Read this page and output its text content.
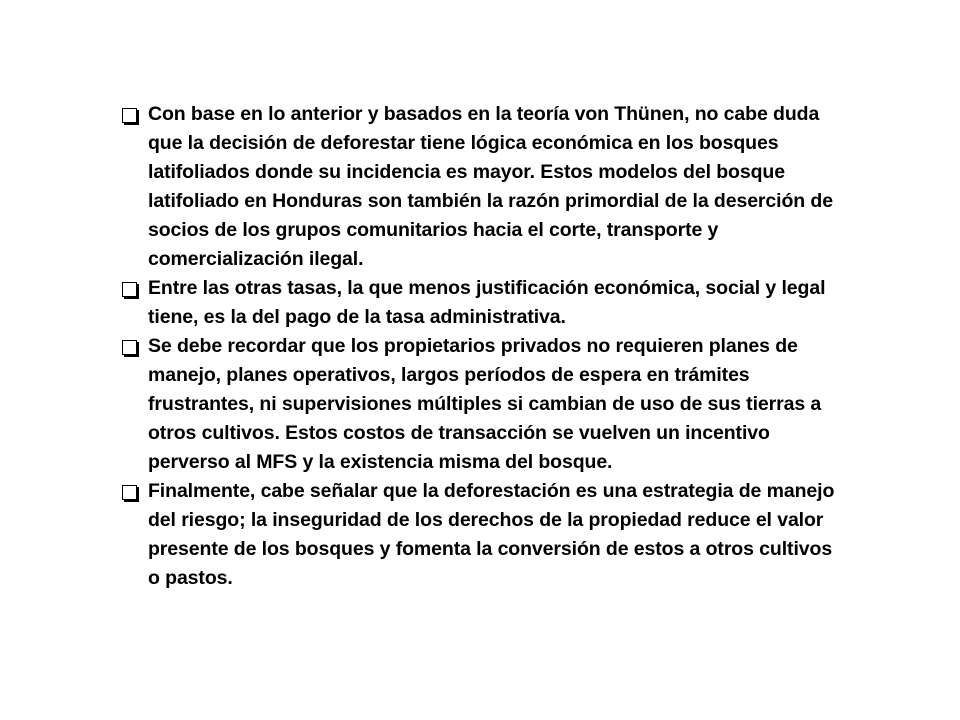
Con base en lo anterior y basados en la teoría von Thünen, no cabe duda que la decisión de deforestar tiene lógica económica en los bosques latifoliados donde su incidencia es mayor. Estos modelos del bosque latifoliado en Honduras son también la razón primordial de la deserción de socios de los grupos comunitarios hacia el corte, transporte y comercialización ilegal.
Entre las otras tasas, la que menos justificación económica, social y legal tiene, es la del pago de la tasa administrativa.
Se debe recordar que los propietarios privados no requieren planes de manejo, planes operativos, largos períodos de espera en trámites frustrantes, ni supervisiones múltiples si cambian de uso de sus tierras a otros cultivos. Estos costos de transacción se vuelven un incentivo perverso al MFS y la existencia misma del bosque.
Finalmente, cabe señalar que la deforestación es una estrategia de manejo del riesgo; la inseguridad de los derechos de la propiedad reduce el valor presente de los bosques y fomenta la conversión de estos a otros cultivos o pastos.
